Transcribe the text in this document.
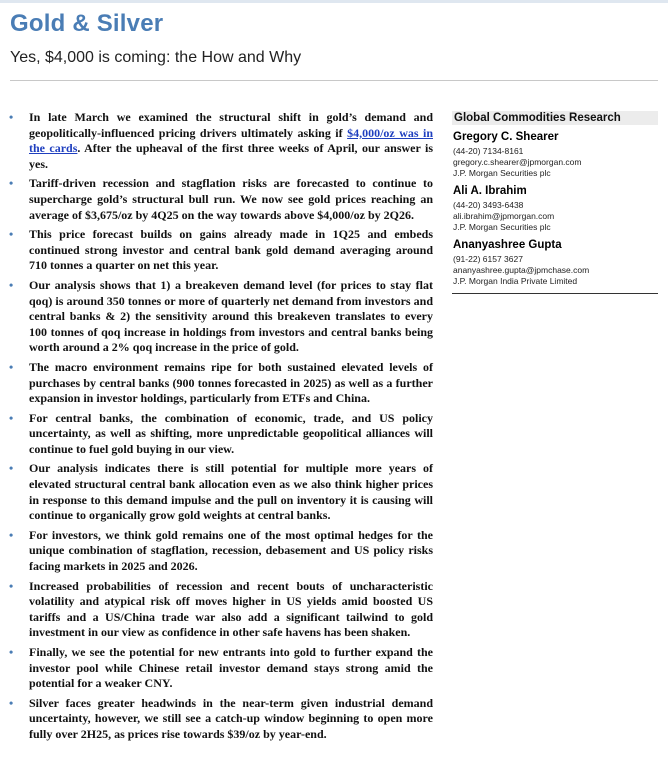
Gold & Silver
Yes, $4,000 is coming: the How and Why
• In late March we examined the structural shift in gold’s demand and geopolitically-influenced pricing drivers ultimately asking if $4,000/oz was in the cards. After the upheaval of the first three weeks of April, our answer is yes.
• Tariff-driven recession and stagflation risks are forecasted to continue to supercharge gold’s structural bull run. We now see gold prices reaching an average of $3,675/oz by 4Q25 on the way towards above $4,000/oz by 2Q26.
• This price forecast builds on gains already made in 1Q25 and embeds continued strong investor and central bank gold demand averaging around 710 tonnes a quarter on net this year.
• Our analysis shows that 1) a breakeven demand level (for prices to stay flat qoq) is around 350 tonnes or more of quarterly net demand from investors and central banks & 2) the sensitivity around this breakeven translates to every 100 tonnes of qoq increase in holdings from investors and central banks being worth around a 2% qoq increase in the price of gold.
• The macro environment remains ripe for both sustained elevated levels of purchases by central banks (900 tonnes forecasted in 2025) as well as a further expansion in investor holdings, particularly from ETFs and China.
• For central banks, the combination of economic, trade, and US policy uncertainty, as well as shifting, more unpredictable geopolitical alliances will continue to fuel gold buying in our view.
• Our analysis indicates there is still potential for multiple more years of elevated structural central bank allocation even as we also think higher prices in response to this demand impulse and the pull on inventory it is causing will continue to organically grow gold weights at central banks.
• For investors, we think gold remains one of the most optimal hedges for the unique combination of stagflation, recession, debasement and US policy risks facing markets in 2025 and 2026.
• Increased probabilities of recession and recent bouts of uncharacteristic volatility and atypical risk off moves higher in US yields amid boosted US tariffs and a US/China trade war also add a significant tailwind to gold investment in our view as confidence in other safe havens has been shaken.
• Finally, we see the potential for new entrants into gold to further expand the investor pool while Chinese retail investor demand stays strong amid the potential for a weaker CNY.
• Silver faces greater headwinds in the near-term given industrial demand uncertainty, however, we still see a catch-up window beginning to open more fully over 2H25, as prices rise towards $39/oz by year-end.
Global Commodities Research
Gregory C. Shearer
(44-20) 7134-8161
gregory.c.shearer@jpmorgan.com
J.P. Morgan Securities plc
Ali A. Ibrahim
(44-20) 3493-6438
ali.ibrahim@jpmorgan.com
J.P. Morgan Securities plc
Ananyashree Gupta
(91-22) 6157 3627
ananyashree.gupta@jpmchase.com
J.P. Morgan India Private Limited
